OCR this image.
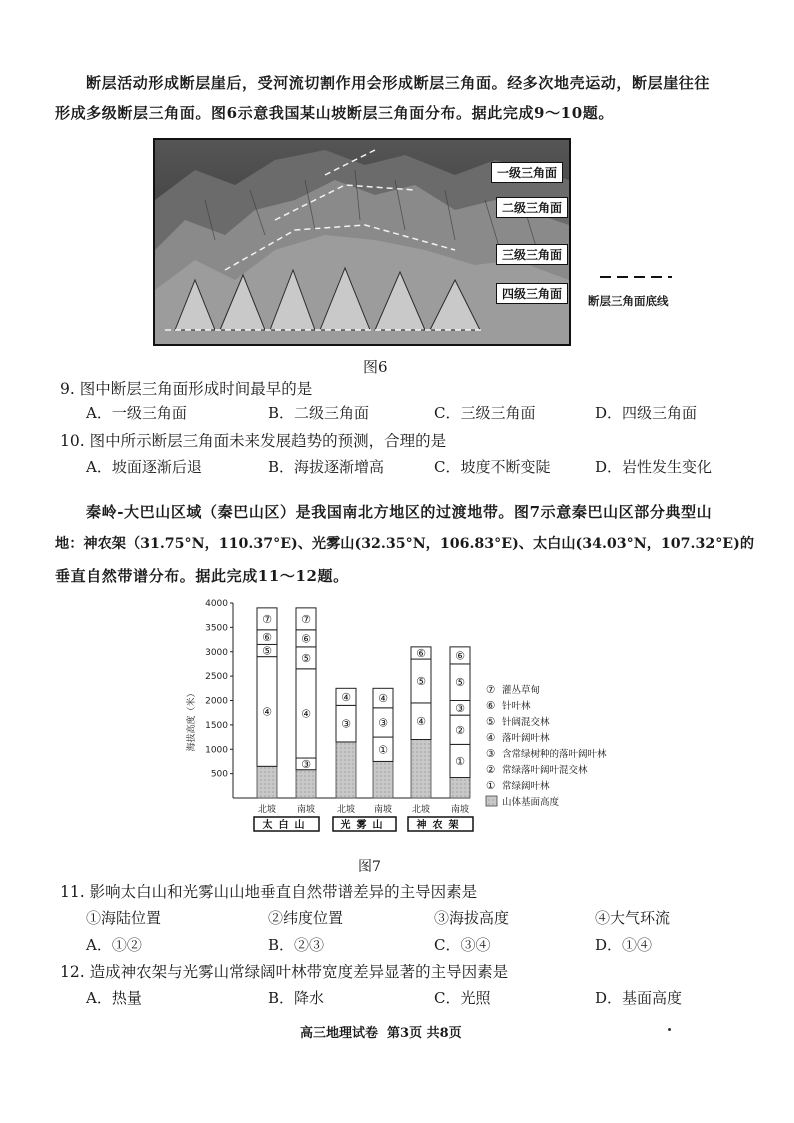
断层活动形成断层崖后，受河流切割作用会形成断层三角面。经多次地壳运动，断层崖往往
形成多级断层三角面。图6示意我国某山坡断层三角面分布。据此完成9～10题。
一级三角面
二级三角面
三级三角面
四级三角面	断层三角面底线
图6
9. 图中断层三角面形成时间最早的是
A．一级三角面	B．二级三角面	C．三级三角面	D．四级三角面
10. 图中所示断层三角面未来发展趋势的预测，合理的是
A．坡面逐渐后退	B．海拔逐渐增高	C．坡度不断变陡	D．岩性发生变化
秦岭-大巴山区域（秦巴山区）是我国南北方地区的过渡地带。图7示意秦巴山区部分典型山
地：神农架（31.75°N，110.37°E)、光雾山(32.35°N，106.83°E)、太白山(34.03°N，107.32°E)的
垂直自然带谱分布。据此完成11～12题。
500
1000
1500
2000
2500
3000
3500
4000
海拔高度（米）	④
⑤
⑥
⑦
北坡
③
④
⑤
⑥
⑦
南坡
③
④
北坡
①
③
④
南坡
④
⑤
⑥
北坡
①
②
③
⑤
⑥
南坡
太白山	光雾山	神农架
⑦ 灌丛草甸
⑥ 针叶林
⑤ 针阔混交林
④ 落叶阔叶林
③ 含常绿树种的落叶阔叶林
② 常绿落叶阔叶混交林
① 常绿阔叶林
山体基面高度
图7
11. 影响太白山和光雾山山地垂直自然带谱差异的主导因素是
①海陆位置	②纬度位置	③海拔高度	④大气环流
A．①②	B．②③	C．③④	D．①④
12. 造成神农架与光雾山常绿阔叶林带宽度差异显著的主导因素是
A．热量	B．降水	C．光照	D．基面高度
高三地理试卷  第3页 共8页
